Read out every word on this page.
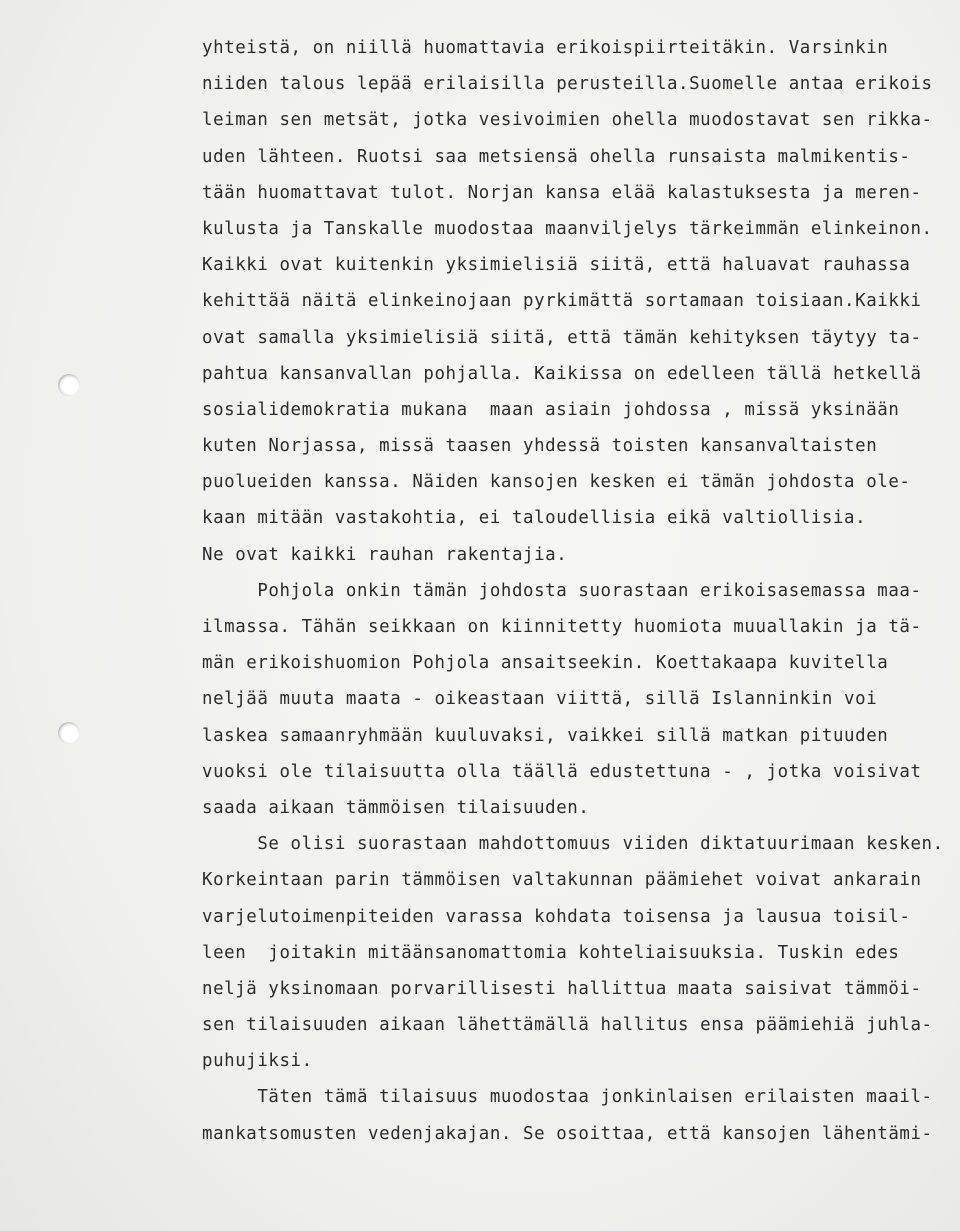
yhteistä, on niillä huomattavia erikoispiirteitäkin. Varsinkin
niiden talous lepää erilaisilla perusteilla.Suomelle antaa erikois
leiman sen metsät, jotka vesivoimien ohella muodostavat sen rikka-
uden lähteen. Ruotsi saa metsiensä ohella runsaista malmikentis-
tään huomattavat tulot. Norjan kansa elää kalastuksesta ja meren-
kulusta ja Tanskalle muodostaa maanviljelys tärkeimmän elinkeinon.
Kaikki ovat kuitenkin yksimielisiä siitä, että haluavat rauhassa
kehittää näitä elinkeinojaan pyrkimättä sortamaan toisiaan.Kaikki
ovat samalla yksimielisiä siitä, että tämän kehityksen täytyy ta-
pahtua kansanvallan pohjalla. Kaikissa on edelleen tällä hetkellä
sosialidemokratia mukana  maan asiain johdossa , missä yksinään
kuten Norjassa, missä taasen yhdessä toisten kansanvaltaisten
puolueiden kanssa. Näiden kansojen kesken ei tämän johdosta ole-
kaan mitään vastakohtia, ei taloudellisia eikä valtiollisia.
Ne ovat kaikki rauhan rakentajia.
Pohjola onkin tämän johdosta suorastaan erikoisasemassa maa-
ilmassa. Tähän seikkaan on kiinnitetty huomiota muuallakin ja tä-
män erikoishuomion Pohjola ansaitseekin. Koettakaapa kuvitella
neljää muuta maata - oikeastaan viittä, sillä Islanninkin voi
laskea samaanryhmään kuuluvaksi, vaikkei sillä matkan pituuden
vuoksi ole tilaisuutta olla täällä edustettuna - , jotka voisivat
saada aikaan tämmöisen tilaisuuden.
Se olisi suorastaan mahdottomuus viiden diktatuurimaan kesken.
Korkeintaan parin tämmöisen valtakunnan päämiehet voivat ankarain
varjelutoimenpiteiden varassa kohdata toisensa ja lausua toisil-
leen  joitakin mitäänsanomattomia kohteliaisuuksia. Tuskin edes
neljä yksinomaan porvarillisesti hallittua maata saisivat tämmöi-
sen tilaisuuden aikaan lähettämällä hallitus ensa päämiehiä juhla-
puhujiksi.
Täten tämä tilaisuus muodostaa jonkinlaisen erilaisten maail-
mankatsomusten vedenjakajan. Se osoittaa, että kansojen lähentämi-
